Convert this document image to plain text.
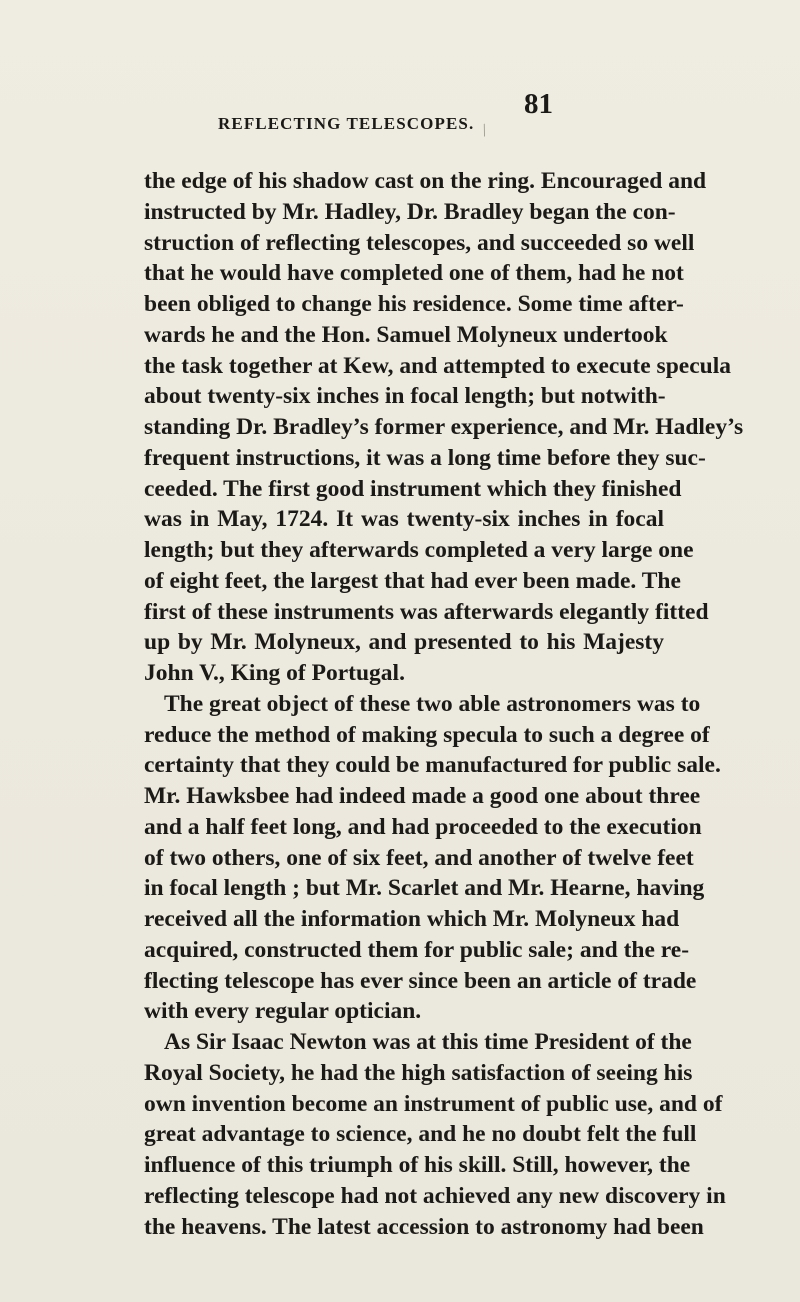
/
REFLECTING TELESCOPES.
81
the edge of his shadow cast on the ring. Encouraged and
instructed by Mr. Hadley, Dr. Bradley began the con-
struction of reflecting telescopes, and succeeded so well
that he would have completed one of them, had he not
been obliged to change his residence. Some time after-
wards he and the Hon. Samuel Molyneux undertook
the task together at Kew, and attempted to execute specula
about twenty-six inches in focal length; but notwith-
standing Dr. Bradley’s former experience, and Mr. Hadley’s
frequent instructions, it was a long time before they suc-
ceeded. The first good instrument which they finished
was in May, 1724. It was twenty-six inches in focal
length; but they afterwards completed a very large one
of eight feet, the largest that had ever been made. The
first of these instruments was afterwards elegantly fitted
up by Mr. Molyneux, and presented to his Majesty
John V., King of Portugal.
The great object of these two able astronomers was to
reduce the method of making specula to such a degree of
certainty that they could be manufactured for public sale.
Mr. Hawksbee had indeed made a good one about three
and a half feet long, and had proceeded to the execution
of two others, one of six feet, and another of twelve feet
in focal length ; but Mr. Scarlet and Mr. Hearne, having
received all the information which Mr. Molyneux had
acquired, constructed them for public sale; and the re-
flecting telescope has ever since been an article of trade
with every regular optician.
As Sir Isaac Newton was at this time President of the
Royal Society, he had the high satisfaction of seeing his
own invention become an instrument of public use, and of
great advantage to science, and he no doubt felt the full
influence of this triumph of his skill. Still, however, the
reflecting telescope had not achieved any new discovery in
the heavens. The latest accession to astronomy had been
